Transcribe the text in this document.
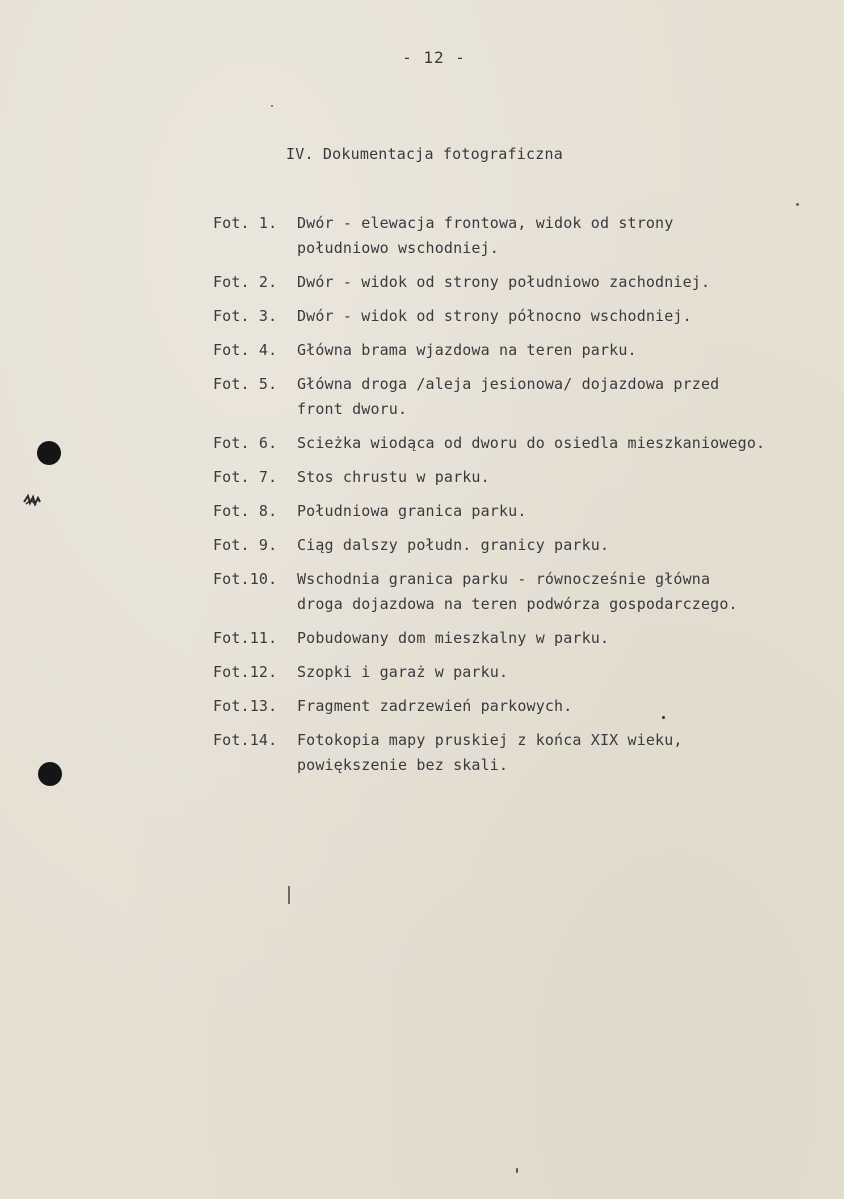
- 12 -
IV. Dokumentacja fotograficzna
Fot. 1.	Dwór - elewacja frontowa, widok od strony
południowo wschodniej.
Fot. 2.	Dwór - widok od strony południowo zachodniej.
Fot. 3.	Dwór - widok od strony północno wschodniej.
Fot. 4.	Główna brama wjazdowa na teren parku.
Fot. 5.	Główna droga /aleja jesionowa/ dojazdowa przed
front dworu.
Fot. 6.	Scieżka wiodąca od dworu do osiedla mieszkaniowego.
Fot. 7.	Stos chrustu w parku.
Fot. 8.	Południowa granica parku.
Fot. 9.	Ciąg dalszy połudn. granicy parku.
Fot.10.	Wschodnia granica parku - równocześnie główna
droga dojazdowa na teren podwórza gospodarczego.
Fot.11.	Pobudowany dom mieszkalny w parku.
Fot.12.	Szopki i garaż w parku.
Fot.13.	Fragment zadrzewień parkowych.
Fot.14.	Fotokopia mapy pruskiej z końca XIX wieku,
powiększenie bez skali.
